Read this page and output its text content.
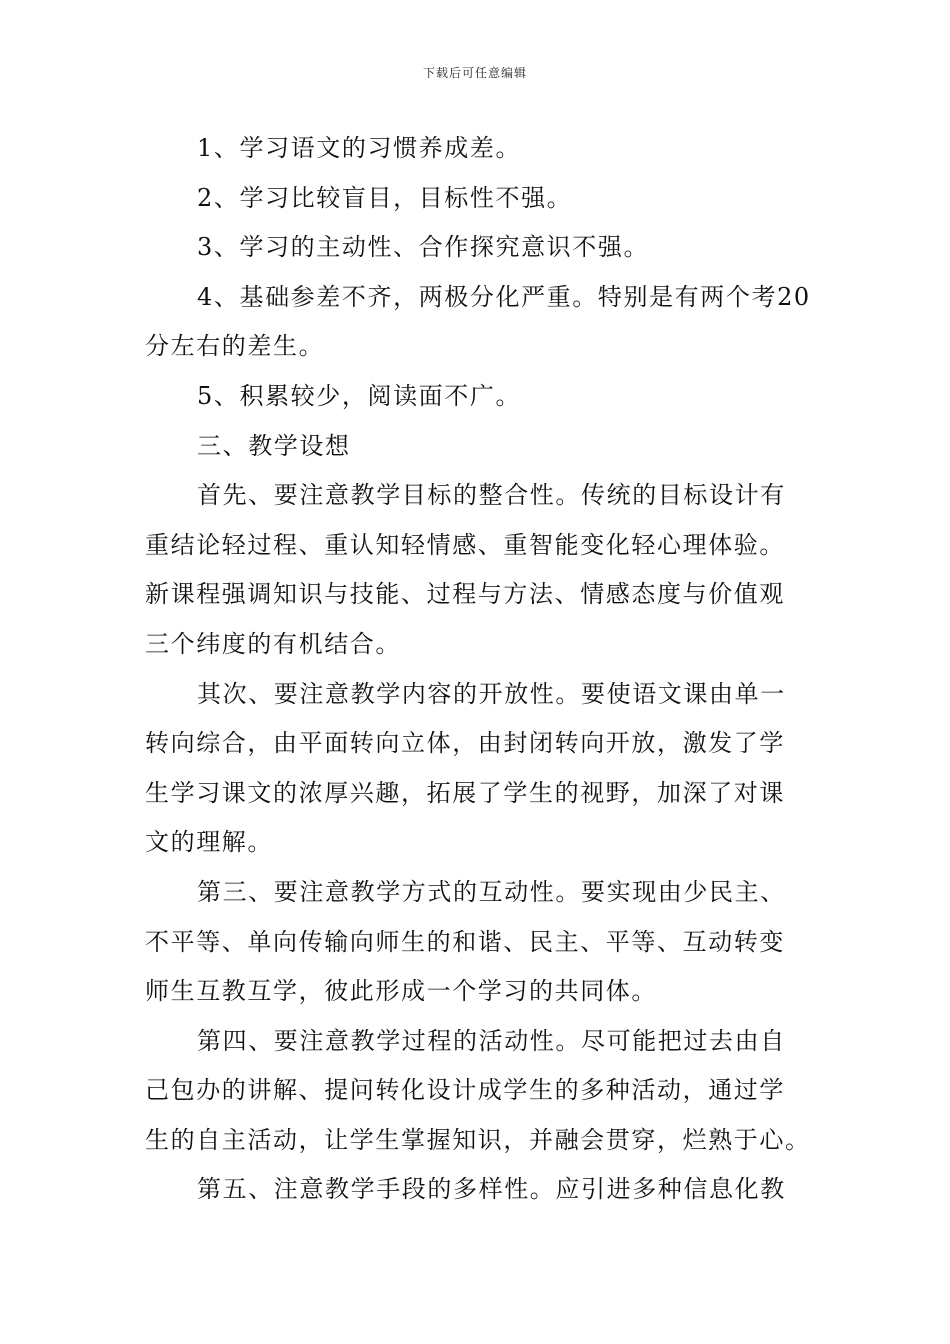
下载后可任意编辑
1、学习语文的习惯养成差。
2、学习比较盲目，目标性不强。
3、学习的主动性、合作探究意识不强。
4、基础参差不齐，两极分化严重。特别是有两个考20
分左右的差生。
5、积累较少，阅读面不广。
三、教学设想
首先、要注意教学目标的整合性。传统的目标设计有
重结论轻过程、重认知轻情感、重智能变化轻心理体验。
新课程强调知识与技能、过程与方法、情感态度与价值观
三个纬度的有机结合。
其次、要注意教学内容的开放性。要使语文课由单一
转向综合，由平面转向立体，由封闭转向开放，激发了学
生学习课文的浓厚兴趣，拓展了学生的视野，加深了对课
文的理解。
第三、要注意教学方式的互动性。要实现由少民主、
不平等、单向传输向师生的和谐、民主、平等、互动转变
师生互教互学，彼此形成一个学习的共同体。
第四、要注意教学过程的活动性。尽可能把过去由自
己包办的讲解、提问转化设计成学生的多种活动，通过学
生的自主活动，让学生掌握知识，并融会贯穿，烂熟于心。
第五、注意教学手段的多样性。应引进多种信息化教
